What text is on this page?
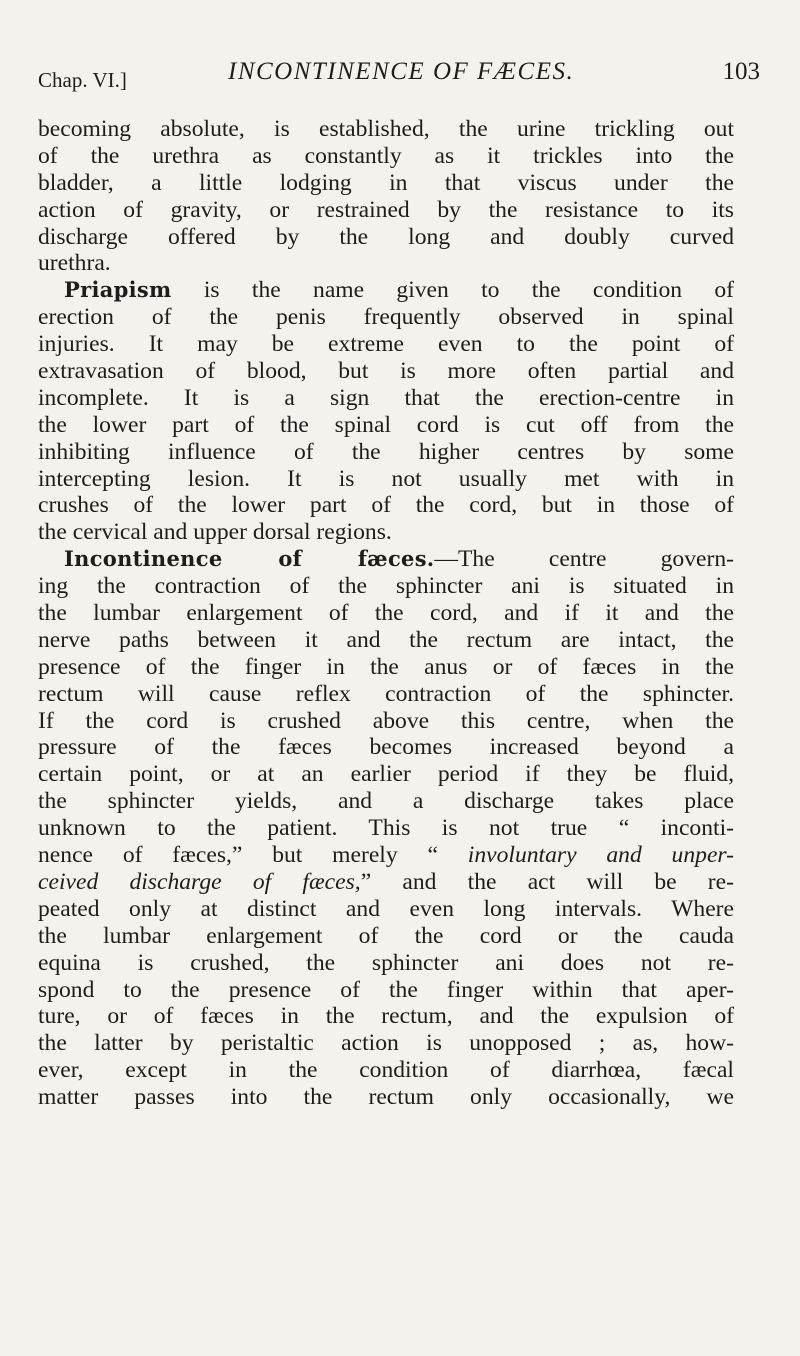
Chap. VI.]	INCONTINENCE OF FÆCES.	103
becoming absolute, is established, the urine trickling out
of the urethra as constantly as it trickles into the
bladder, a little lodging in that viscus under the
action of gravity, or restrained by the resistance to its
discharge offered by the long and doubly curved
urethra.
Priapism is the name given to the condition of
erection of the penis frequently observed in spinal
injuries. It may be extreme even to the point of
extravasation of blood, but is more often partial and
incomplete. It is a sign that the erection-centre in
the lower part of the spinal cord is cut off from the
inhibiting influence of the higher centres by some
intercepting lesion. It is not usually met with in
crushes of the lower part of the cord, but in those of
the cervical and upper dorsal regions.
Incontinence of fæces.—The centre govern-
ing the contraction of the sphincter ani is situated in
the lumbar enlargement of the cord, and if it and the
nerve paths between it and the rectum are intact, the
presence of the finger in the anus or of fæces in the
rectum will cause reflex contraction of the sphincter.
If the cord is crushed above this centre, when the
pressure of the fæces becomes increased beyond a
certain point, or at an earlier period if they be fluid,
the sphincter yields, and a discharge takes place
unknown to the patient. This is not true “ inconti-
nence of fæces,” but merely “ involuntary and unper-
ceived discharge of fæces,” and the act will be re-
peated only at distinct and even long intervals. Where
the lumbar enlargement of the cord or the cauda
equina is crushed, the sphincter ani does not re-
spond to the presence of the finger within that aper-
ture, or of fæces in the rectum, and the expulsion of
the latter by peristaltic action is unopposed ; as, how-
ever, except in the condition of diarrhœa, fæcal
matter passes into the rectum only occasionally, we
